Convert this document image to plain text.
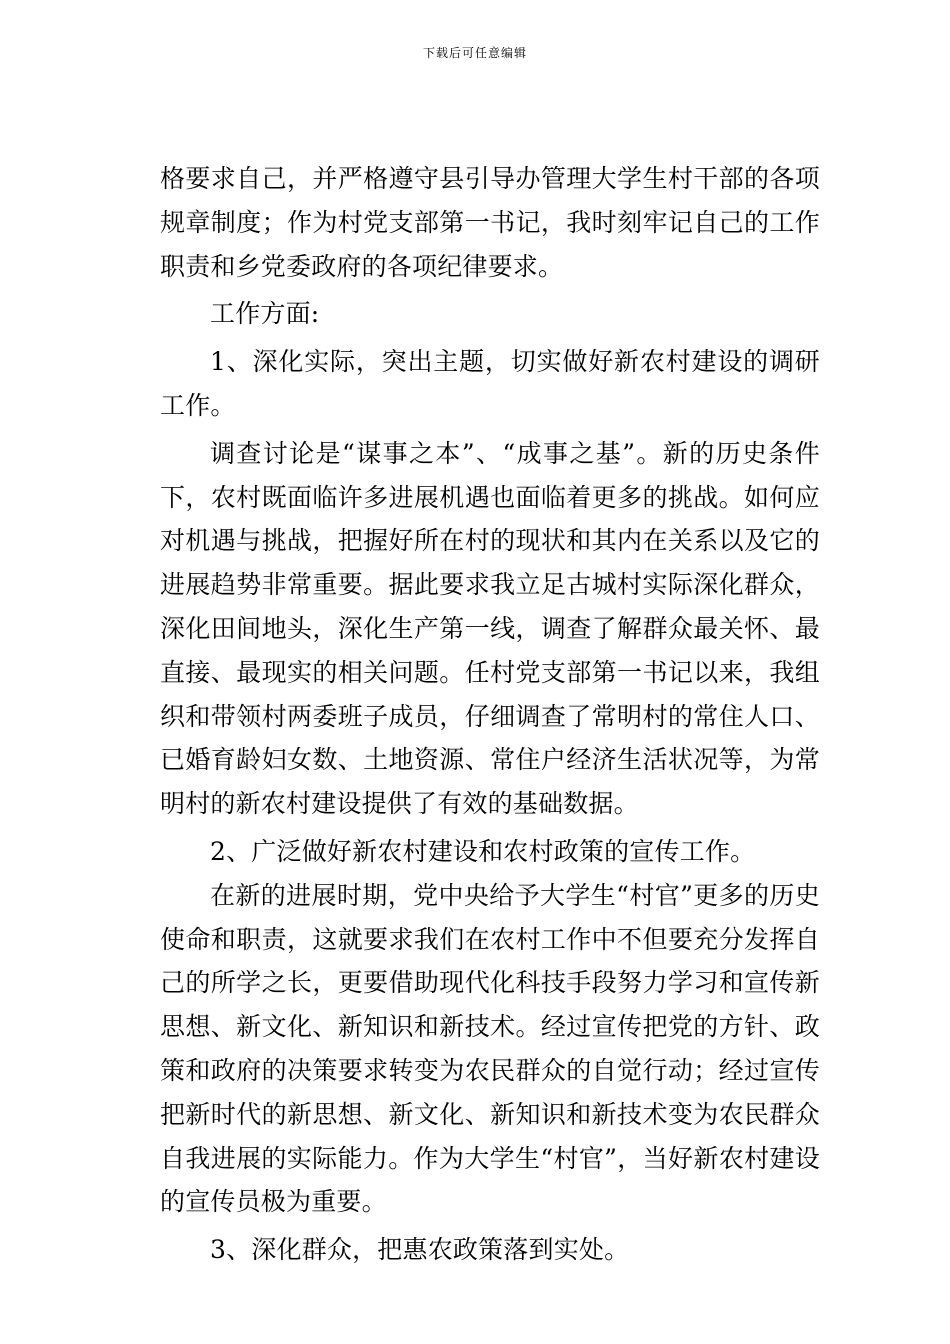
下载后可任意编辑

格要求自己，并严格遵守县引导办管理大学生村干部的各项规章制度；作为村党支部第一书记，我时刻牢记自己的工作职责和乡党委政府的各项纪律要求。

工作方面:

1、深化实际，突出主题，切实做好新农村建设的调研工作。

调查讨论是“谋事之本”、“成事之基”。新的历史条件下，农村既面临许多进展机遇也面临着更多的挑战。如何应对机遇与挑战，把握好所在村的现状和其内在关系以及它的进展趋势非常重要。据此要求我立足古城村实际深化群众，深化田间地头，深化生产第一线，调查了解群众最关怀、最直接、最现实的相关问题。任村党支部第一书记以来，我组织和带领村两委班子成员，仔细调查了常明村的常住人口、已婚育龄妇女数、土地资源、常住户经济生活状况等，为常明村的新农村建设提供了有效的基础数据。

2、广泛做好新农村建设和农村政策的宣传工作。

在新的进展时期，党中央给予大学生“村官”更多的历史使命和职责，这就要求我们在农村工作中不但要充分发挥自己的所学之长，更要借助现代化科技手段努力学习和宣传新思想、新文化、新知识和新技术。经过宣传把党的方针、政策和政府的决策要求转变为农民群众的自觉行动；经过宣传把新时代的新思想、新文化、新知识和新技术变为农民群众自我进展的实际能力。作为大学生“村官”，当好新农村建设的宣传员极为重要。

3、深化群众，把惠农政策落到实处。
